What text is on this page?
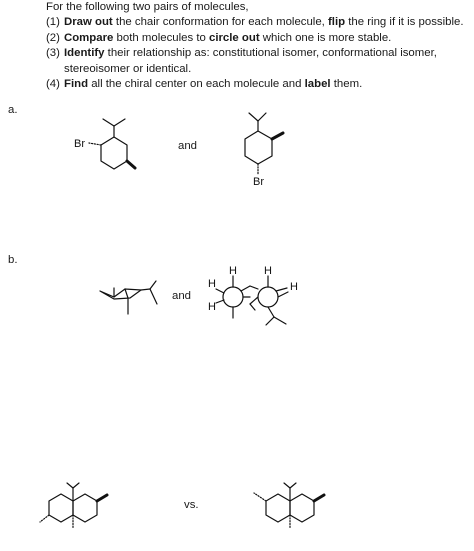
For the following two pairs of molecules,
(1) Draw out the chair conformation for each molecule, flip the ring if it is possible.
(2) Compare both molecules to circle out which one is more stable.
(3) Identify their relationship as: constitutional isomer, conformational isomer,
stereoisomer or identical.
(4) Find all the chiral center on each molecule and label them.
a.
b.
and
and
vs.
Br
Br
H
H
H
H
H
